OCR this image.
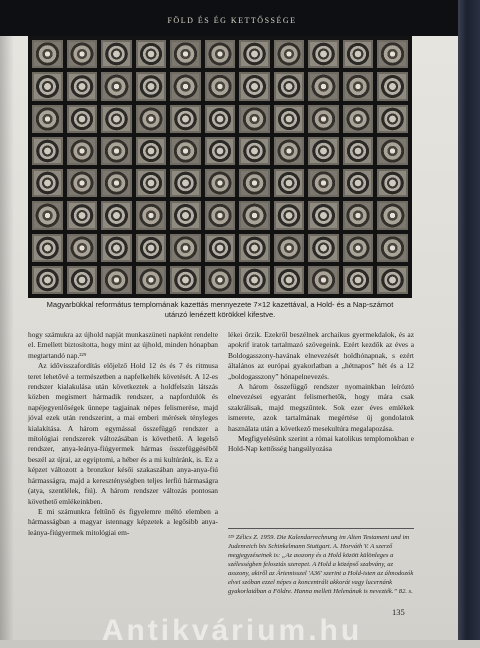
FÖLD ÉS ÉG KETTŐSSÉGE
Magyarbükkal református templomának kazettás mennyezete 7×12 kazettával, a Hold- és a Nap-számot utánzó lenézett körökkel kifestve.

hogy számukra az újhold napját munkaszüneti napként rendelte el. Emellett biztosította, hogy mint az újhold, minden hónapban megtartandó nap.²²⁹

Az idővisszafordítás előjelző Hold 12 és és 7 és ritmusa teret lehetővé a természetben a napfelkelték követését. A 12-es rendszer kialakulása után következtek a holdfelszín látszás közben megismert hármadik rendszer, a napfordulók és napéjegyenlőségek ünnepe tagjainak népes felismerése, majd jóval ezek után rendszerint, a mai emberi mérések tényleges kialakítása. A három egymással összefüggő rendszer a mítológiai rendszerek változásában is követhető. A legelső rendszer, anya-leánya-fiúgyermek hármas összefüggéséből beszél az újrai, az egyiptomi, a héber és a mi kultúránk, is. Ez a képzet változott a bronzkor késői szakaszában anya-anya-fiú hármasságra, majd a kereszténységben teljes lerfiú hármaságra (atya, szentlélek, fiú). A három rendszer változás pontosan követhető emlékeinkben.

E mi számunkra feltűnő és figyelemre méltó elemben a hármasságban a magyar istennagy képzetek a legősibb anya-leánya-fiúgyermek mitológiai em-

lékei őrzik. Ezekről beszélnek archaikus gyermekdalok, és az apokrif iratok tartalmazó szövegeink. Ezért kezdők az éves a Boldogasszony-havának elnevezését holdhónapnak, s ezért általános az európai gyakorlatban a „hétnapos” hét és a 12 „boldogasszony” hónapelnevezés.

A három összefüggő rendszer nyomainkban leíróztó elnevezései egyaránt felismerhetők, hogy mára csak szakrálisak, majd megszűntek. Sok ezer éves emlékek ismerete, azok tartalmának megértése új gondolatok használata után a következő mesekultúra megalapozása.

Megfigyelésünk szerint a római katolikus templomokban e Hold-Nap kettősség hangsúlyozása

²²⁹ Zélics Z. 1959. Die Kalendarrechnung im Alten Testament und im Judenreich bis Schinkelmann Stuttgart. A. Horváth V. A szerző megjegyzéseinek is: „Az asszony és a Hold között különleges a szélességben felosztás szerepet. A Hold a középső szabvány, az asszony, akiről az Ártemisszel 'A36' szerint a Hold-isten az álmodozók elvei szóban ezzel népes a koncentrált akkorát vagy lucernánk gyakorlatában a Földre. Hanna mellett Helenának is nevezték.” 82. s.
135
Antikvárium.hu
